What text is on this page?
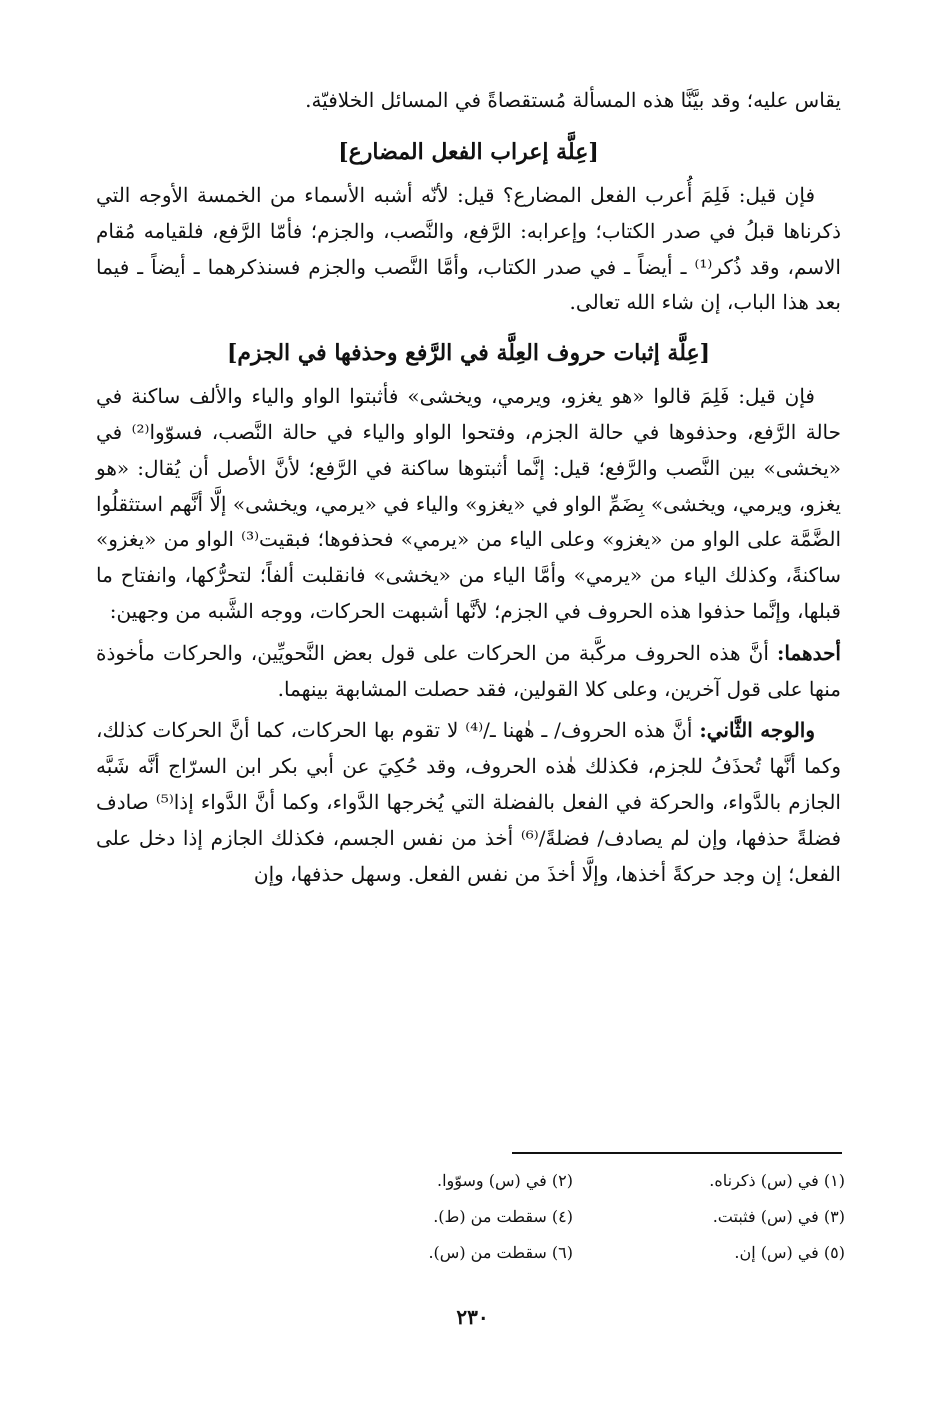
يقاس عليه؛ وقد بيَّنَّا هذه المسألة مُستقصاةً في المسائل الخلافيّة.

[عِلَّة إعراب الفعل المضارع]

فإن قيل: فَلِمَ أُعرب الفعل المضارع؟ قيل: لأنّه أشبه الأسماء من الخمسة الأوجه التي ذكرناها قبلُ في صدر الكتاب؛ وإعرابه: الرَّفع، والنَّصب، والجزم؛ فأمّا الرَّفع، فلقيامه مُقام الاسم، وقد ذُكر⁽¹⁾ ـ أيضاً ـ في صدر الكتاب، وأمَّا النَّصب والجزم فسنذكرهما ـ أيضاً ـ فيما بعد هذا الباب، إن شاء الله تعالى.

[عِلَّة إثبات حروف العِلَّة في الرَّفع وحذفها في الجزم]

فإن قيل: فَلِمَ قالوا «هو يغزو، ويرمي، ويخشى» فأثبتوا الواو والياء والألف ساكنة في حالة الرَّفع، وحذفوها في حالة الجزم، وفتحوا الواو والياء في حالة النَّصب، فسوّوا⁽²⁾ في «يخشى» بين النَّصب والرَّفع؛ قيل: إنَّما أثبتوها ساكنة في الرَّفع؛ لأنَّ الأصل أن يُقال: «هو يغزو، ويرمي، ويخشى» بِضَمِّ الواو في «يغزو» والياء في «يرمي، ويخشى» إلَّا أنَّهم استثقلُوا الضَّمَّة على الواو من «يغزو» وعلى الياء من «يرمي» فحذفوها؛ فبقيت⁽³⁾ الواو من «يغزو» ساكنةً، وكذلك الياء من «يرمي» وأمَّا الياء من «يخشى» فانقلبت ألفاً؛ لتحرُّكها، وانفتاح ما قبلها، وإنَّما حذفوا هذه الحروف في الجزم؛ لأنَّها أشبهت الحركات، ووجه الشَّبه من وجهين:

أحدهما: أنَّ هذه الحروف مركَّبة من الحركات على قول بعض النَّحويِّين، والحركات مأخوذة منها على قول آخرين، وعلى كلا القولين، فقد حصلت المشابهة بينهما.

والوجه الثَّاني: أنَّ هذه الحروف/ ـ هٰهنا ـ/⁽⁴⁾ لا تقوم بها الحركات، كما أنَّ الحركات كذلك، وكما أنَّها تُحذَفُ للجزم، فكذلك هٰذه الحروف، وقد حُكِيَ عن أبي بكر ابن السرّاج أنَّه شَبَّه الجازم بالدَّواء، والحركة في الفعل بالفضلة التي يُخرجها الدَّواء، وكما أنَّ الدَّواء إذا⁽⁵⁾ صادف فضلةً حذفها، وإن لم يصادف/ فضلةً/⁽⁶⁾ أخذ من نفس الجسم، فكذلك الجازم إذا دخل على الفعل؛ إن وجد حركةً أخذها، وإلَّا أخذَ من نفس الفعل. وسهل حذفها، وإن

(١) في (س) ذكرناه.
(٢) في (س) وسوّوا.
(٣) في (س) فثبتت.
(٤) سقطت من (ط).
(٥) في (س) إن.
(٦) سقطت من (س).
٢٣٠
